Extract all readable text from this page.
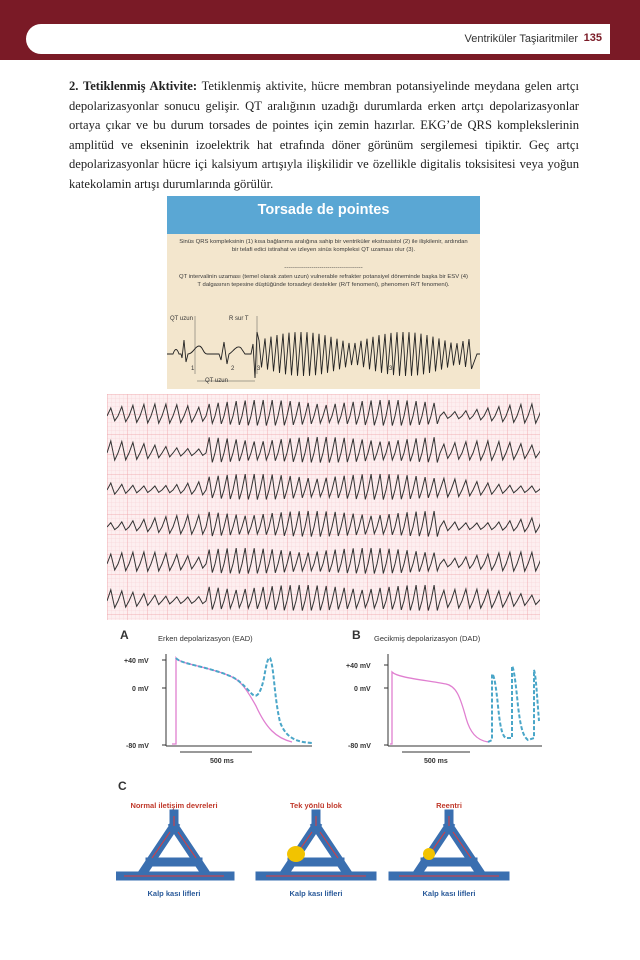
Ventriküler Taşiaritmiler 135
2. Tetiklenmiş Aktivite: Tetiklenmiş aktivite, hücre membran potansiyelinde meydana gelen artçı depolarizasyonlar sonucu gelişir. QT aralığının uzadığı durumlarda erken artçı depolarizasyonlar ortaya çıkar ve bu durum torsades de pointes için zemin hazırlar. EKG’de QRS komplekslerinin amplitüd ve ekseninin izoelektrik hat etrafında döner görünüm sergilemesi tipiktir. Geç artçı depolarizasyonlar hücre içi kalsiyum artışıyla ilişkilidir ve özellikle digitalis toksisitesi veya yoğun katekolamin artışı durumlarında görülür.
Torsade de pointes
Sinüs QRS kompleksinin (1) kısa bağlanma aralığına sahip bir ventriküler ekstrasistol (2) ile ilişkilenir, ardından bir telafi edici istirahat ve izleyen sinüs kompleksi QT uzaması olur (3).
----------------------------------------
QT intervalinin uzaması (temel olarak zaten uzun) vulnerable refrakter potansiyel döneminde başka bir ESV (4) T dalgasının tepesine düştüğünde torsadeyi destekler (R/T fenomeni), phenomen R/T fenomeni).
QT uzun	R sur T
QT uzun
1	2	3	3
A	Erken depolarizasyon (EAD)	B Gecikmiş depolarizasyon (DAD)
+40 mV
0 mV
-80 mV
500 ms
+40 mV
0 mV
-80 mV
500 ms
C
Normal iletişim devreleri
Kalp kası lifleri
Tek yönlü blok
Kalp kası lifleri
Reentri
Kalp kası lifleri
